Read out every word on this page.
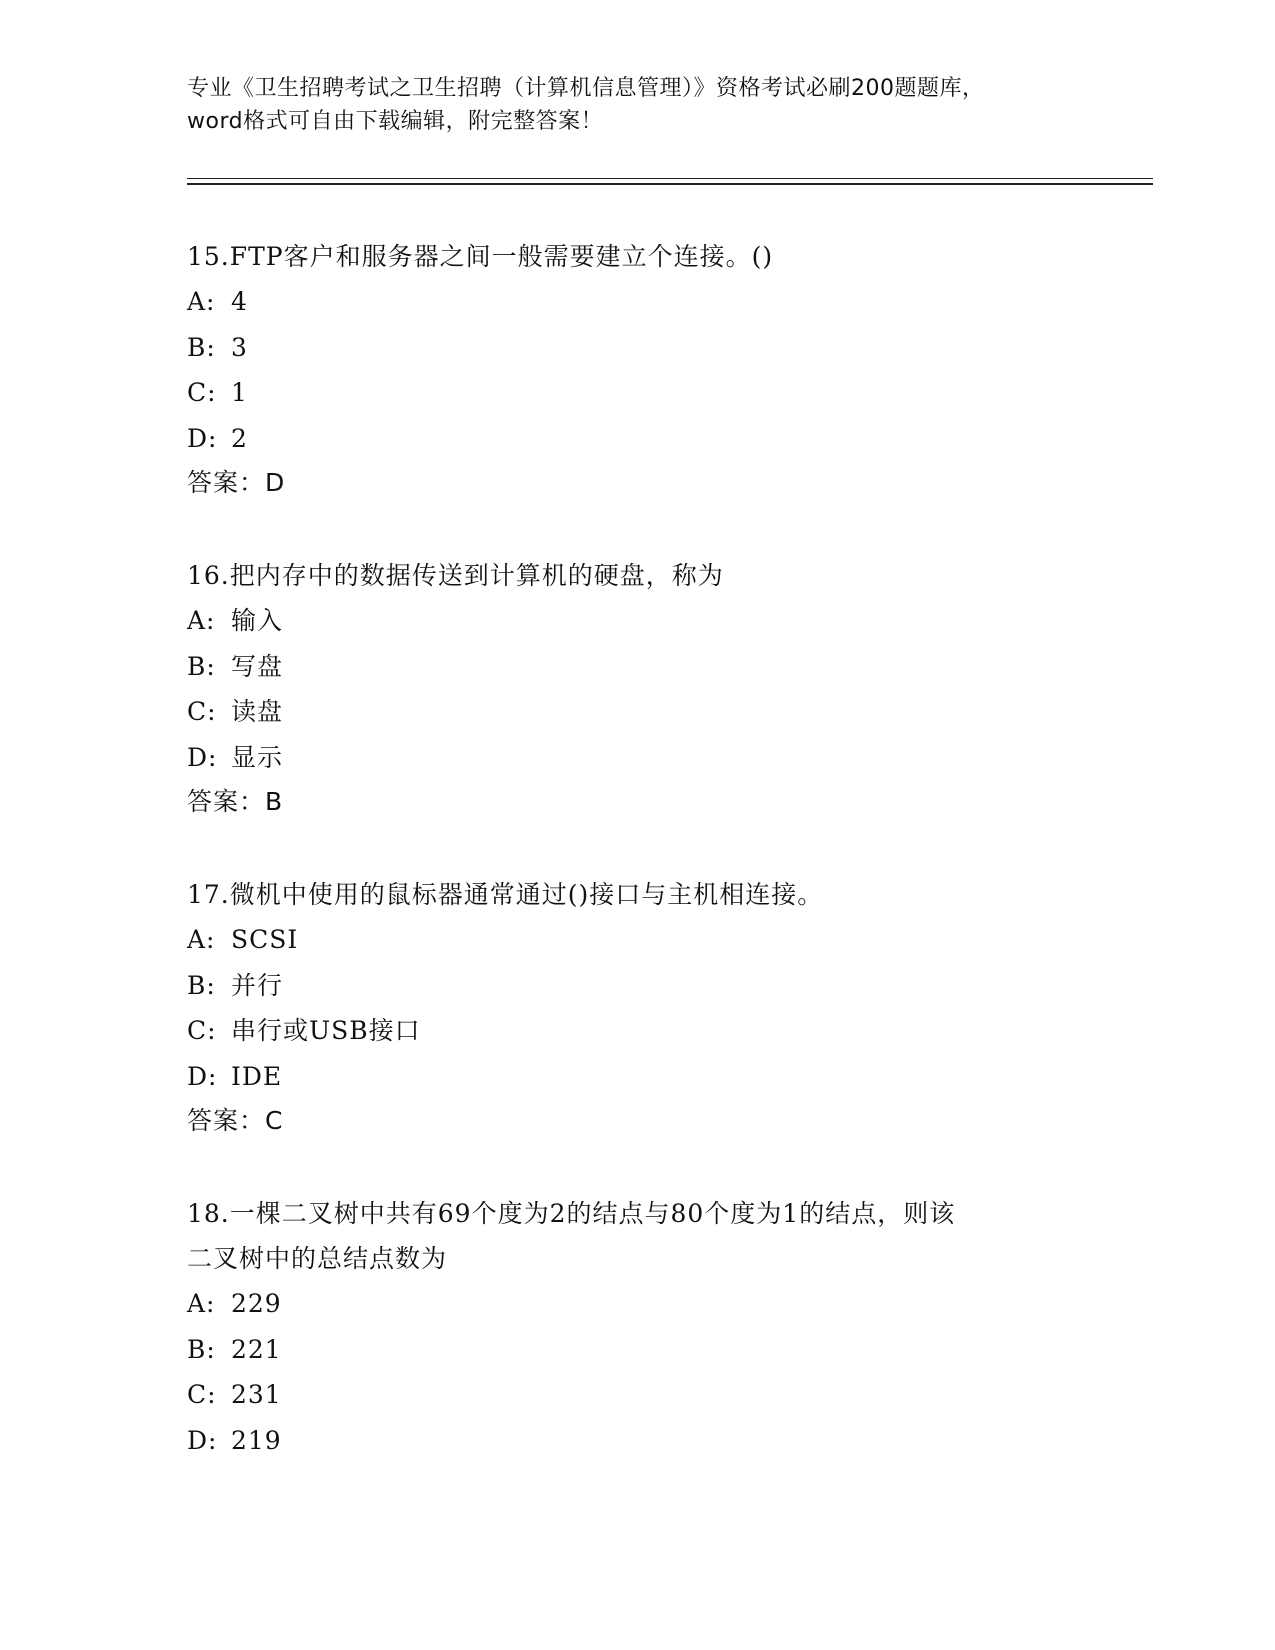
专业《卫生招聘考试之卫生招聘（计算机信息管理）》资格考试必刷200题题库，
word格式可自由下载编辑，附完整答案！
15.FTP客户和服务器之间一般需要建立个连接。()
A: 4
B: 3
C: 1
D: 2
答案：D
16.把内存中的数据传送到计算机的硬盘，称为
A: 输入
B: 写盘
C: 读盘
D: 显示
答案：B
17.微机中使用的鼠标器通常通过()接口与主机相连接。
A: SCSI
B: 并行
C: 串行或USB接口
D: IDE
答案：C
18.一棵二叉树中共有69个度为2的结点与80个度为1的结点，则该
二叉树中的总结点数为
A: 229
B: 221
C: 231
D: 219
